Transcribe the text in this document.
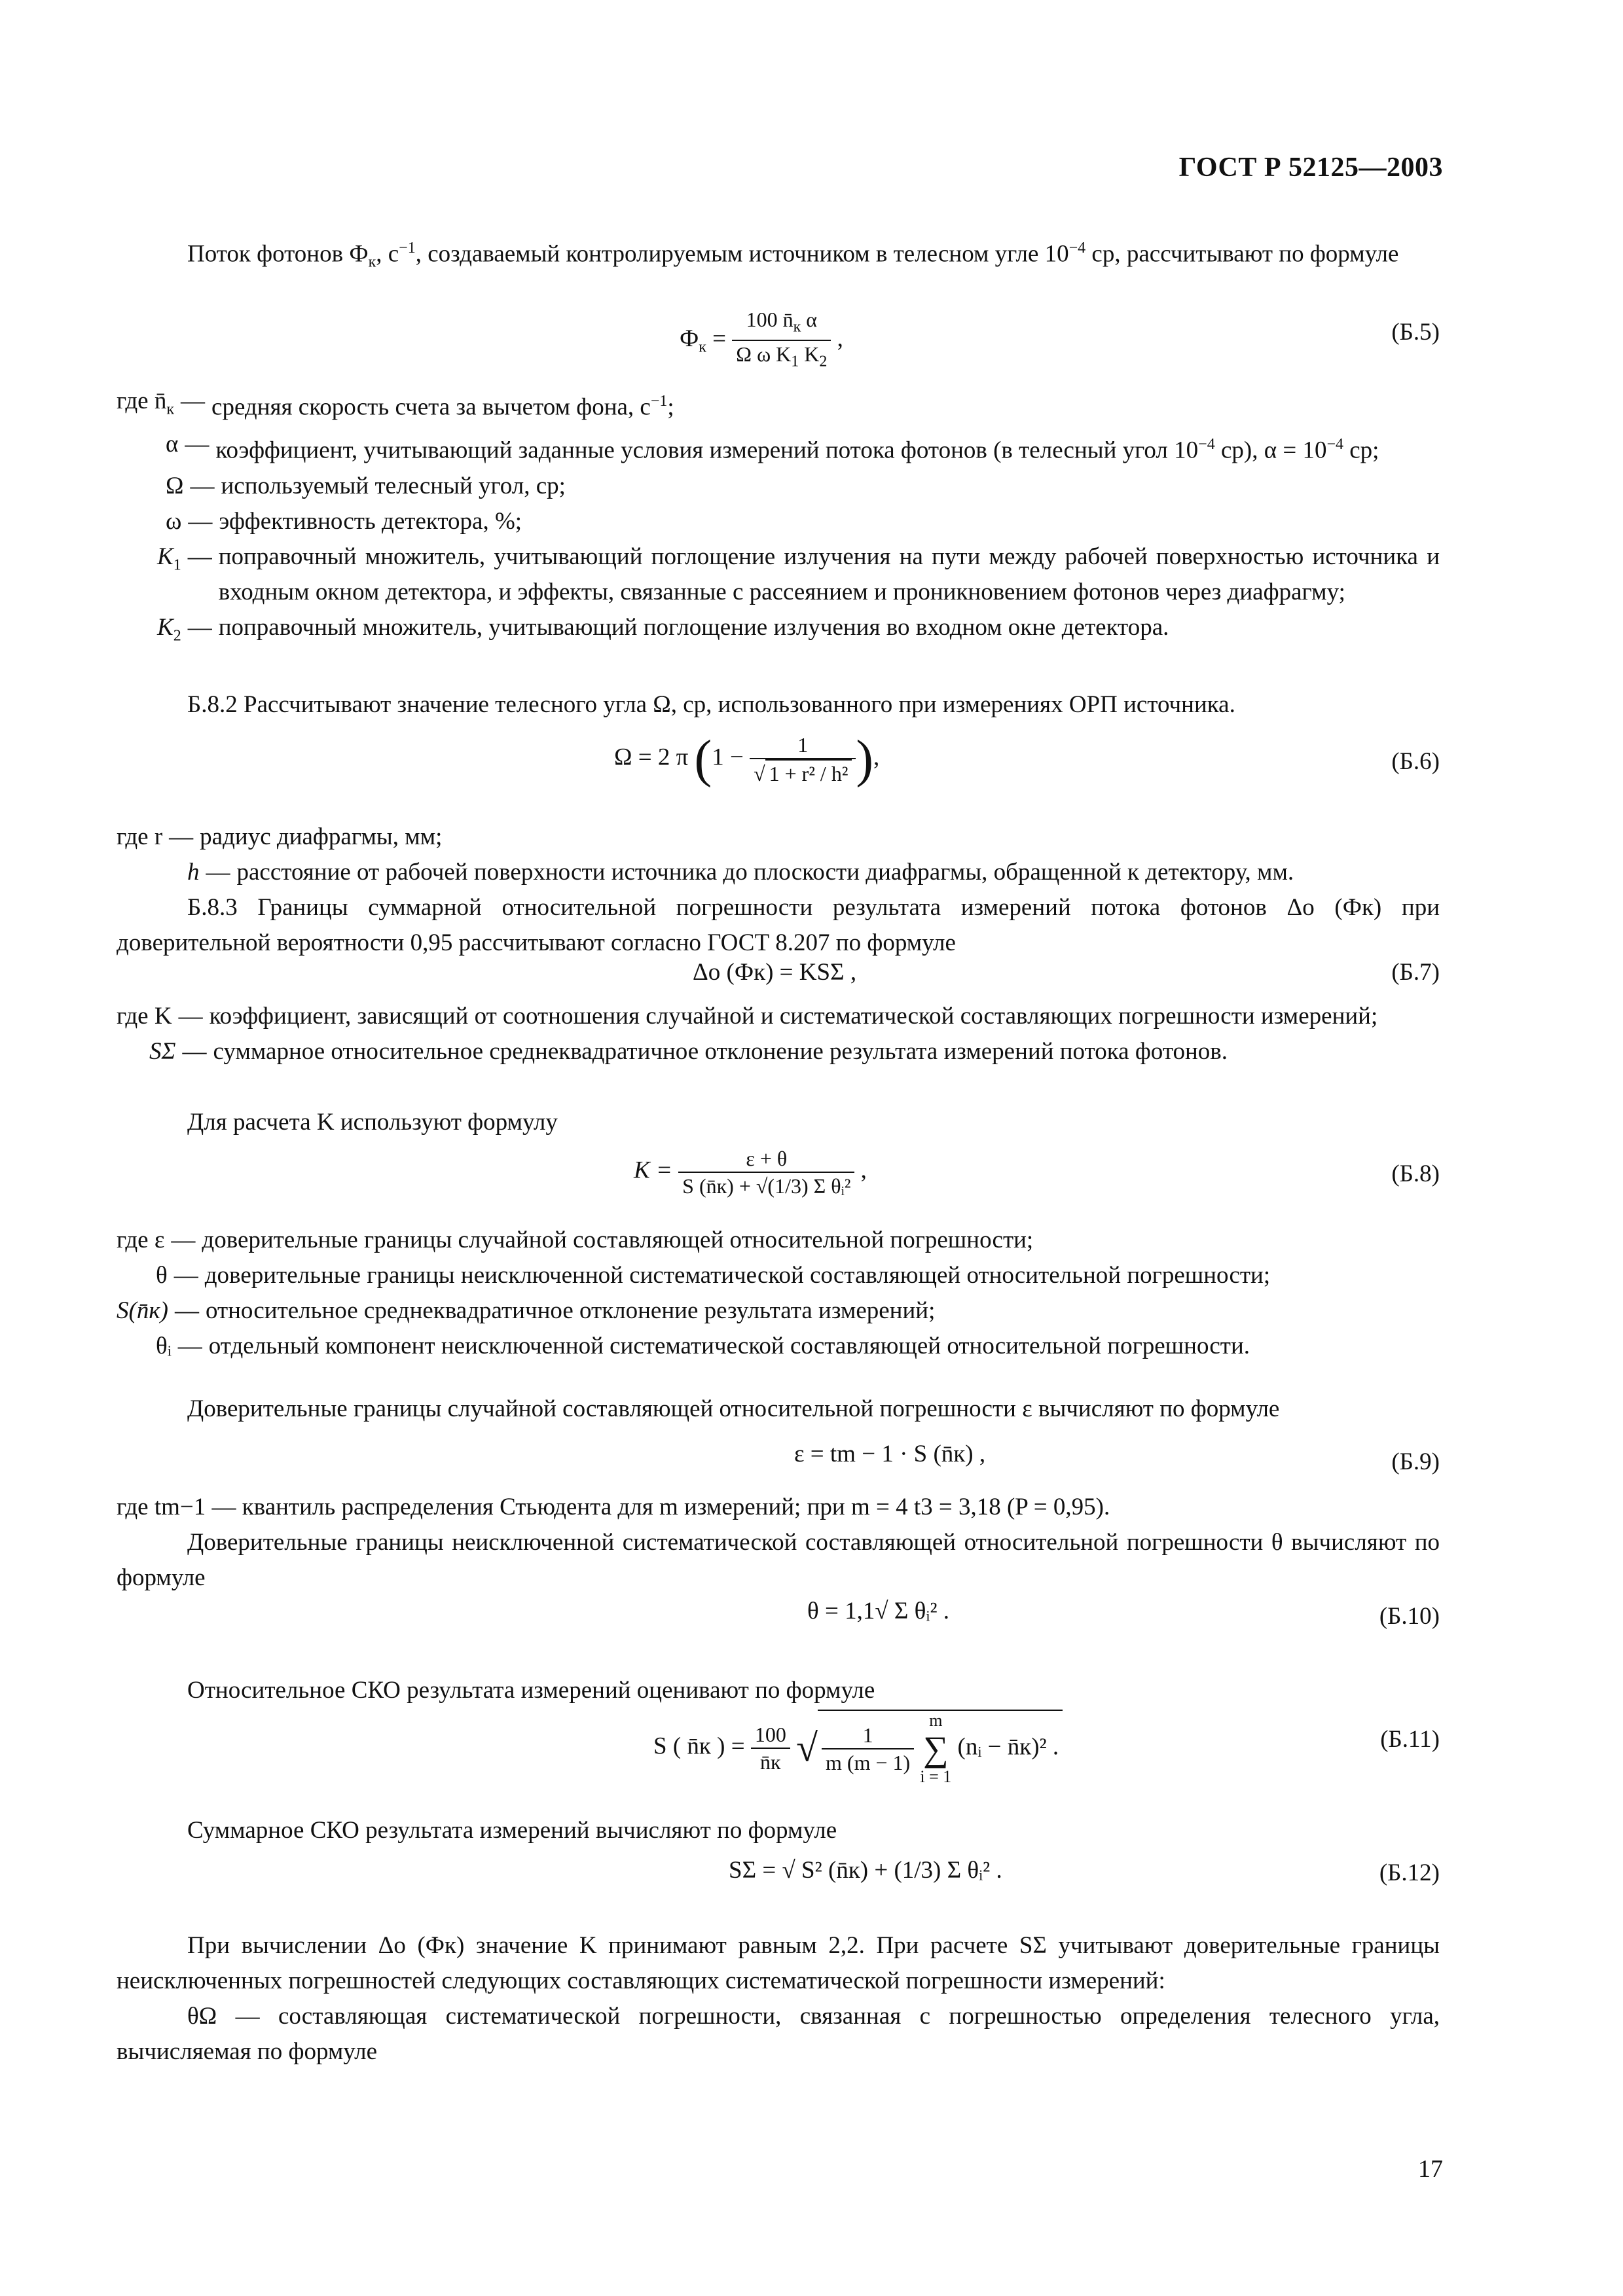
ГОСТ Р 52125—2003
Поток фотонов $Ф_к$, $с^{-1}$, создаваемый контролируемым источником в телесном угле $10^{-4}$ ср, рассчитывают по формуле
$Ф_к = \frac{100 n̄_к \alpha}{\Omega \omega K_1 K_2}$ ,	(Б.5)
где $n̄_к$ — средняя скорость счета за вычетом фона, $с^{-1}$;
α — коэффициент, учитывающий заданные условия измерений потока фотонов (в телесный угол $10^{-4}$ ср), $\alpha = 10^{-4}$ ср;
Ω — используемый телесный угол, ср;
ω — эффективность детектора, %;
$K_1$ — поправочный множитель, учитывающий поглощение излучения на пути между рабочей поверхностью источника и входным окном детектора, и эффекты, связанные с рассеянием и проникновением фотонов через диафрагму;
$K_2$ — поправочный множитель, учитывающий поглощение излучения во входном окне детектора.
Б.8.2 Рассчитывают значение телесного угла Ω, ср, использованного при измерениях ОРП источника.
Ω = 2 π ($1 - \frac{1}{\text{√ 1 + r² / h²}}$ ),	(Б.6)
где r — радиус диафрагмы, мм;
h — расстояние от рабочей поверхности источника до плоскости диафрагмы, обращенной к детектору, мм.
Б.8.3 Границы суммарной относительной погрешности результата измерений потока фотонов Δо (Фк) при доверительной вероятности 0,95 рассчитывают согласно ГОСТ 8.207 по формуле
Δо (Фк) = KSΣ ,	(Б.7)
где K — коэффициент, зависящий от соотношения случайной и систематической составляющих погрешности измерений;
SΣ — суммарное относительное среднеквадратичное отклонение результата измерений потока фотонов.
Для расчета K используют формулу
$K = \frac{\varepsilon + \theta}{\text{S (n̄к) + √(1/3) Σ θᵢ²}}$ ,	(Б.8)
где ε — доверительные границы случайной составляющей относительной погрешности;
θ — доверительные границы неисключенной систематической составляющей относительной погрешности;
S(n̄к) — относительное среднеквадратичное отклонение результата измерений;
θᵢ — отдельный компонент неисключенной систематической составляющей относительной погрешности.
Доверительные границы случайной составляющей относительной погрешности ε вычисляют по формуле
ε = tm − 1 · S (n̄к) ,	(Б.9)
где tm−1 — квантиль распределения Стьюдента для m измерений; при m = 4 t3 = 3,18 (P = 0,95).
Доверительные границы неисключенной систематической составляющей относительной погрешности θ вычисляют по формуле
θ = 1,1√ Σ θᵢ² .	(Б.10)
Относительное СКО результата измерений оценивают по формуле
S ( n̄к ) = $\frac{100}{n̄к}$ √ $\frac{1}{m (m - 1)}$

m
∑
i = 1
(nᵢ − n̄к)² .	(Б.11)
Суммарное СКО результата измерений вычисляют по формуле
SΣ = √ S² (n̄к) + (1/3) Σ θᵢ² .	(Б.12)
При вычислении Δо (Фк) значение K принимают равным 2,2. При расчете SΣ учитывают доверительные границы неисключенных погрешностей следующих составляющих систематической погрешности измерений:
θΩ — составляющая систематической погрешности, связанная с погрешностью определения телесного угла, вычисляемая по формуле
17
